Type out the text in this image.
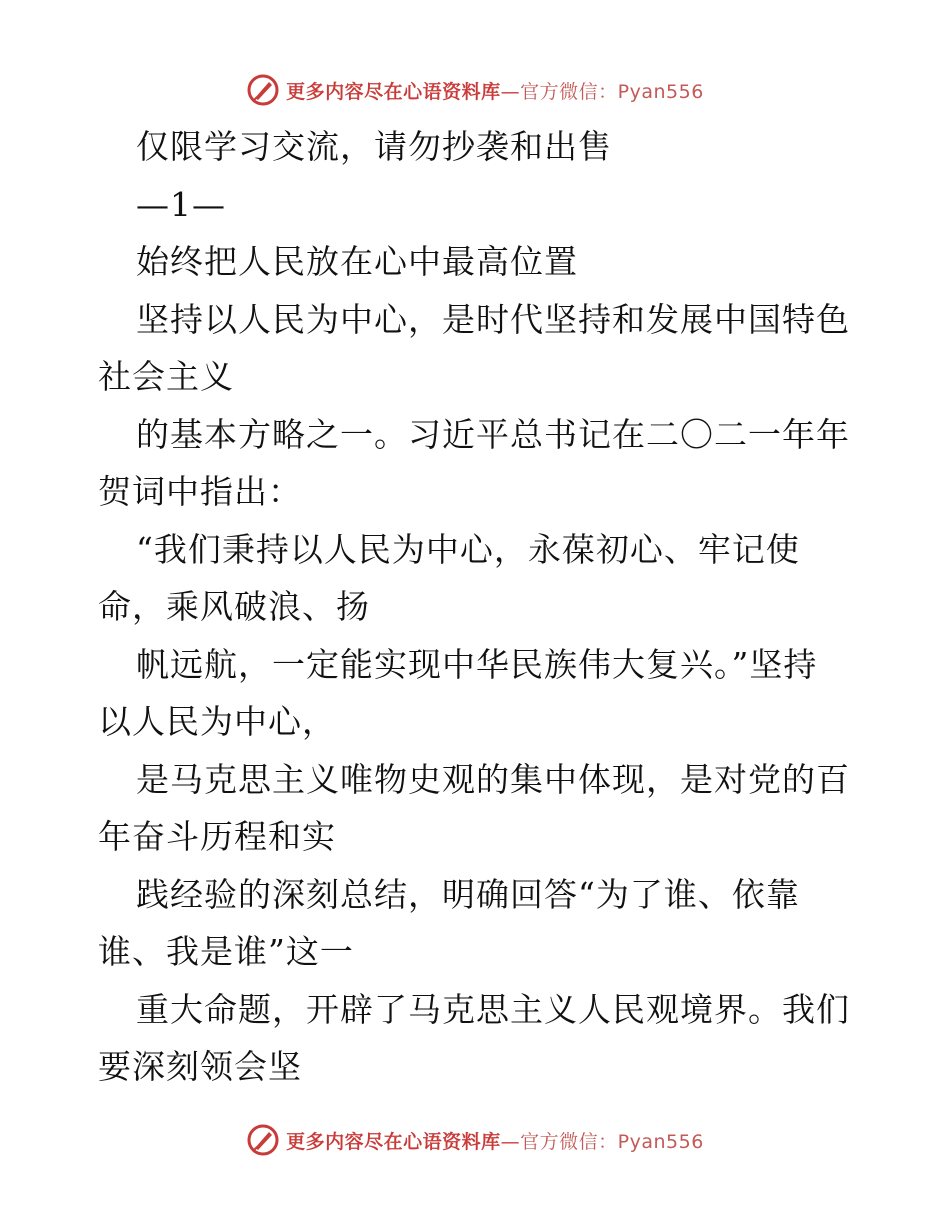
更多内容尽在心语资料库—官方微信：Pyan556
仅限学习交流，请勿抄袭和出售
—1—
始终把人民放在心中最高位置
坚持以人民为中心，是时代坚持和发展中国特色
社会主义
的基本方略之一。习近平总书记在二〇二一年年
贺词中指出：
“我们秉持以人民为中心，永葆初心、牢记使
命，乘风破浪、扬
帆远航，一定能实现中华民族伟大复兴。”坚持
以人民为中心，
是马克思主义唯物史观的集中体现，是对党的百
年奋斗历程和实
践经验的深刻总结，明确回答“为了谁、依靠
谁、我是谁”这一
重大命题，开辟了马克思主义人民观境界。我们
要深刻领会坚
更多内容尽在心语资料库—官方微信：Pyan556
